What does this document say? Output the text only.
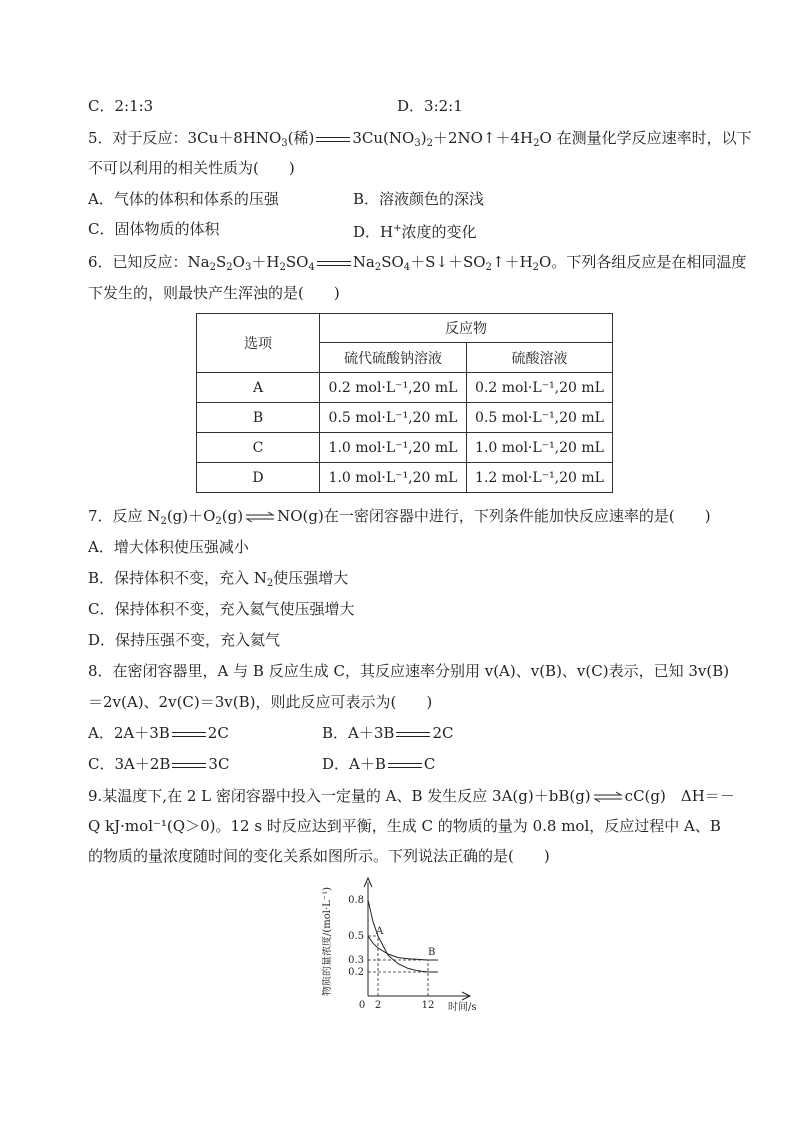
C．2:1:3	D．3:2:1
5．对于反应：$3Cu+8HNO_3$(稀)	$3Cu(NO_3)_2+2NO↑+4H_2O$ 在测量化学反应速率时，以下
不可以利用的相关性质为(　　)
A．气体的体积和体系的压强	B．溶液颜色的深浅
C．固体物质的体积	D．H+浓度的变化
6．已知反应：$Na_2S_2O_3+H_2SO_4$	$Na_2SO_4+S↓+SO_2↑+H_2O$。下列各组反应是在相同温度
下发生的，则最快产生浑浊的是(　　)
选项	反应物	
	硫代硫酸钠溶液	硫酸溶液
A	0.2 mol·L⁻¹,20 mL	0.2 mol·L⁻¹,20 mL
B	0.5 mol·L⁻¹,20 mL	0.5 mol·L⁻¹,20 mL
C	1.0 mol·L⁻¹,20 mL	1.0 mol·L⁻¹,20 mL
D	1.0 mol·L⁻¹,20 mL	1.2 mol·L⁻¹,20 mL
7．反应 $N_2(g)+O_2(g)$ ⇌ NO(g)在一密闭容器中进行，下列条件能加快反应速率的是(　　)
A．增大体积使压强减小
B．保持体积不变，充入 $N_2$使压强增大
C．保持体积不变，充入氦气使压强增大
D．保持压强不变，充入氦气
8．在密闭容器里，A 与 B 反应生成 C，其反应速率分别用 v(A)、v(B)、v(C)表示，已知 3v(B)
＝2v(A)、2v(C)＝3v(B)，则此反应可表示为(　　)
A．2A＋3B	2C	B．A＋3B	2C
C．3A＋2B	3C	D．A＋B	C
9.某温度下,在 2 L 密闭容器中投入一定量的 A、B 发生反应 3A(g)＋bB(g) ⇌ cC(g)　ΔH＝－
Q kJ·mol⁻¹(Q＞0)。12 s 时反应达到平衡，生成 C 的物质的量为 0.8 mol，反应过程中 A、B
的物质的量浓度随时间的变化关系如图所示。下列说法正确的是(　　)
A
B
0.2
0.3
0.5
0.8
0 2	12
物质的量浓度/(mol·L⁻¹)
时间/s
